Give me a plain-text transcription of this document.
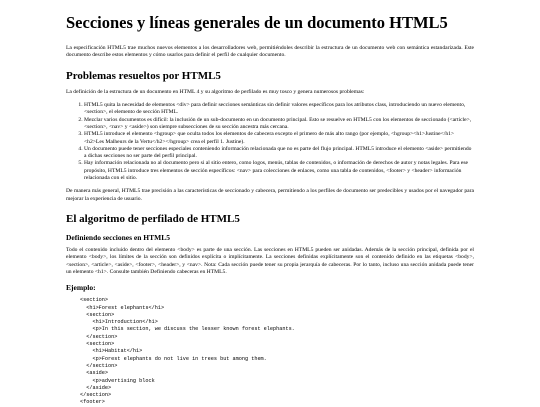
Secciones y líneas generales de un documento HTML5

La especificación HTML5 trae muchos nuevos elementos a los desarrolladores web, permitiéndoles describir la estructura de un documento web con semántica estandarizada. Este documento describe estos elementos y cómo usarlos para definir el perfil de cualquier documento.

Problemas resueltos por HTML5

La definición de la estructura de un documento en HTML 4 y su algoritmo de perfilado es muy tosco y genera numerosos problemas:

1. HTML5 quita la necesidad de elementos <div> para definir secciones semánticas sin definir valores específicos para los atributos class, introduciendo un nuevo elemento, <section>, el elemento de sección HTML.
2. Mezclar varios documentos es difícil: la inclusión de un sub-documento en un documento principal. Esto se resuelve en HTML5 con los elementos de seccionado (<article>, <section>, <nav> y <aside>) son siempre subsecciones de su sección ancestra más cercana.
3. HTML5 introduce el elemento <hgroup> que oculta todos los elementos de cabecera excepto el primero de más alto rango (por ejemplo, <hgroup><h1>Justine</h1><h2>Les Malheurs de la Vertu</h2></hgroup> crea el perfil 1. Justine).
4. Un documento puede tener secciones especiales conteniendo información relacionada que no es parte del flujo principal. HTML5 introduce el elemento <aside> permitiendo a dichas secciones no ser parte del perfil principal.
5. Hay información relacionada no al documento pero si al sitio entero, como logos, menús, tablas de contenidos, o información de derechos de autor y notas legales. Para ese propósito, HTML5 introduce tres elementos de sección específicos: <nav> para colecciones de enlaces, como una tabla de contenidos, <footer> y <header> información relacionada con el sitio.

De manera más general, HTML5 trae precisión a las características de seccionado y cabecera, permitiendo a los perfiles de documento ser predecibles y usados por el navegador para mejorar la experiencia de usuario.

El algoritmo de perfilado de HTML5
Definiendo secciones en HTML5

Todo el contenido incluido dentro del elemento <body> es parte de una sección. Las secciones en HTML5 pueden ser anidadas. Además de la sección principal, definida por el elemento <body>, los límites de la sección son definidos explícita o implícitamente. La secciones definidas explícitamente son el contenido definido en las etiquetas <body>, <section>, <article>, <aside>, <footer>, <header>, y <nav>. Nota: Cada sección puede tener su propia jerarquía de cabeceras. Por lo tanto, incluso una sección anidada puede tener un elemento <h1>. Consulte también Definiendo cabeceras en HTML5.

Ejemplo:
<section>
<h1>Forest elephants</h1>
<section>
<h1>Introduction</h1>
<p>In this section, we discuss the lesser known forest elephants.
</section>
<section>
<h1>Habitat</h1>
<p>Forest elephants do not live in trees but among them.
</section>
<aside>
<p>advertising block
</aside>
</section>
<footer>
